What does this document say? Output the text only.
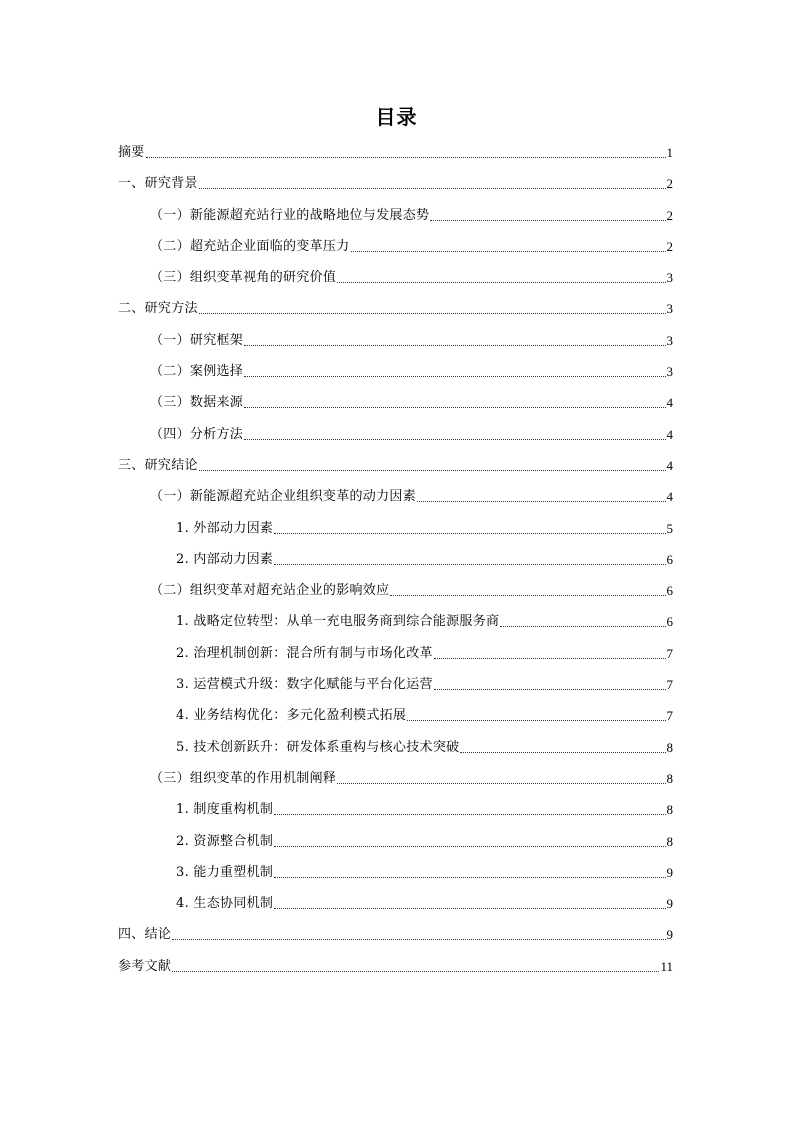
目录
摘要	1
一、研究背景	2
（一）新能源超充站行业的战略地位与发展态势	2
（二）超充站企业面临的变革压力	2
（三）组织变革视角的研究价值	3
二、研究方法	3
（一）研究框架	3
（二）案例选择	3
（三）数据来源	4
（四）分析方法	4
三、研究结论	4
（一）新能源超充站企业组织变革的动力因素	4
1. 外部动力因素	5
2. 内部动力因素	6
（二）组织变革对超充站企业的影响效应	6
1. 战略定位转型：从单一充电服务商到综合能源服务商	6
2. 治理机制创新：混合所有制与市场化改革	7
3. 运营模式升级：数字化赋能与平台化运营	7
4. 业务结构优化：多元化盈利模式拓展	7
5. 技术创新跃升：研发体系重构与核心技术突破	8
（三）组织变革的作用机制阐释	8
1. 制度重构机制	8
2. 资源整合机制	8
3. 能力重塑机制	9
4. 生态协同机制	9
四、结论	9
参考文献	11
